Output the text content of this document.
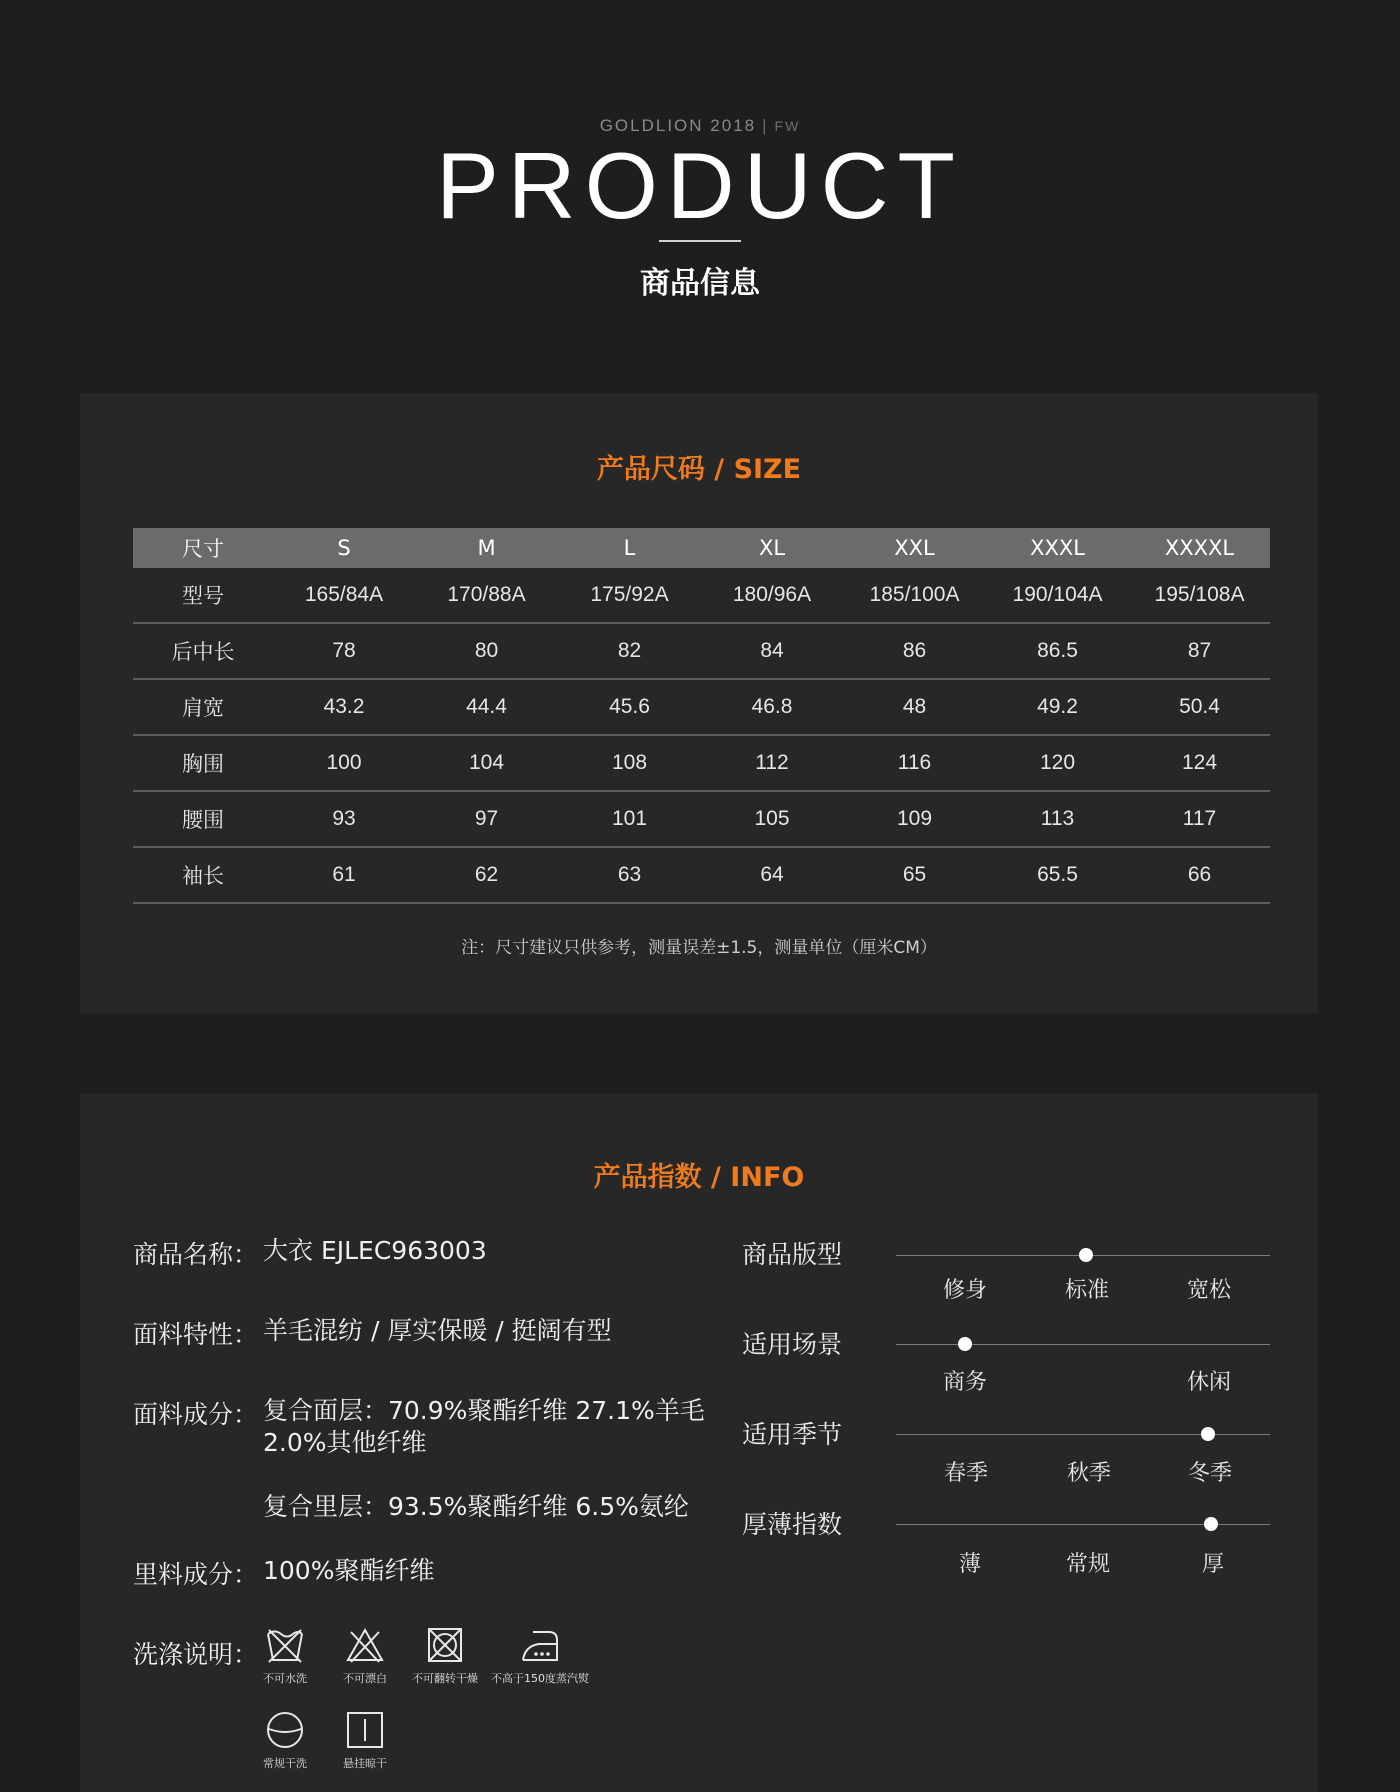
GOLDLION 2018 | FW
PRODUCT
商品信息
产品尺码 / SIZE
尺寸	S	M	L	XL	XXL	XXXL	XXXXL
型号	165/84A	170/88A	175/92A	180/96A	185/100A	190/104A	195/108A
后中长	78	80	82	84	86	86.5	87
肩宽	43.2	44.4	45.6	46.8	48	49.2	50.4
胸围	100	104	108	112	116	120	124
腰围	93	97	101	105	109	113	117
袖长	61	62	63	64	65	65.5	66
注：尺寸建议只供参考，测量误差±1.5，测量单位（厘米CM）
产品指数 / INFO
商品名称： 大衣 EJLEC963003
面料特性： 羊毛混纺 / 厚实保暖 / 挺阔有型
面料成分： 复合面层：70.9%聚酯纤维 27.1%羊毛 2.0%其他纤维
复合里层：93.5%聚酯纤维 6.5%氨纶
里料成分： 100%聚酯纤维
洗涤说明：
不可水洗	不可漂白	不可翻转干燥	不高于150度蒸汽熨
常规干洗	悬挂晾干
商品版型
修身	标准	宽松
适用场景
商务	休闲
适用季节
春季	秋季	冬季
厚薄指数
薄	常规	厚
